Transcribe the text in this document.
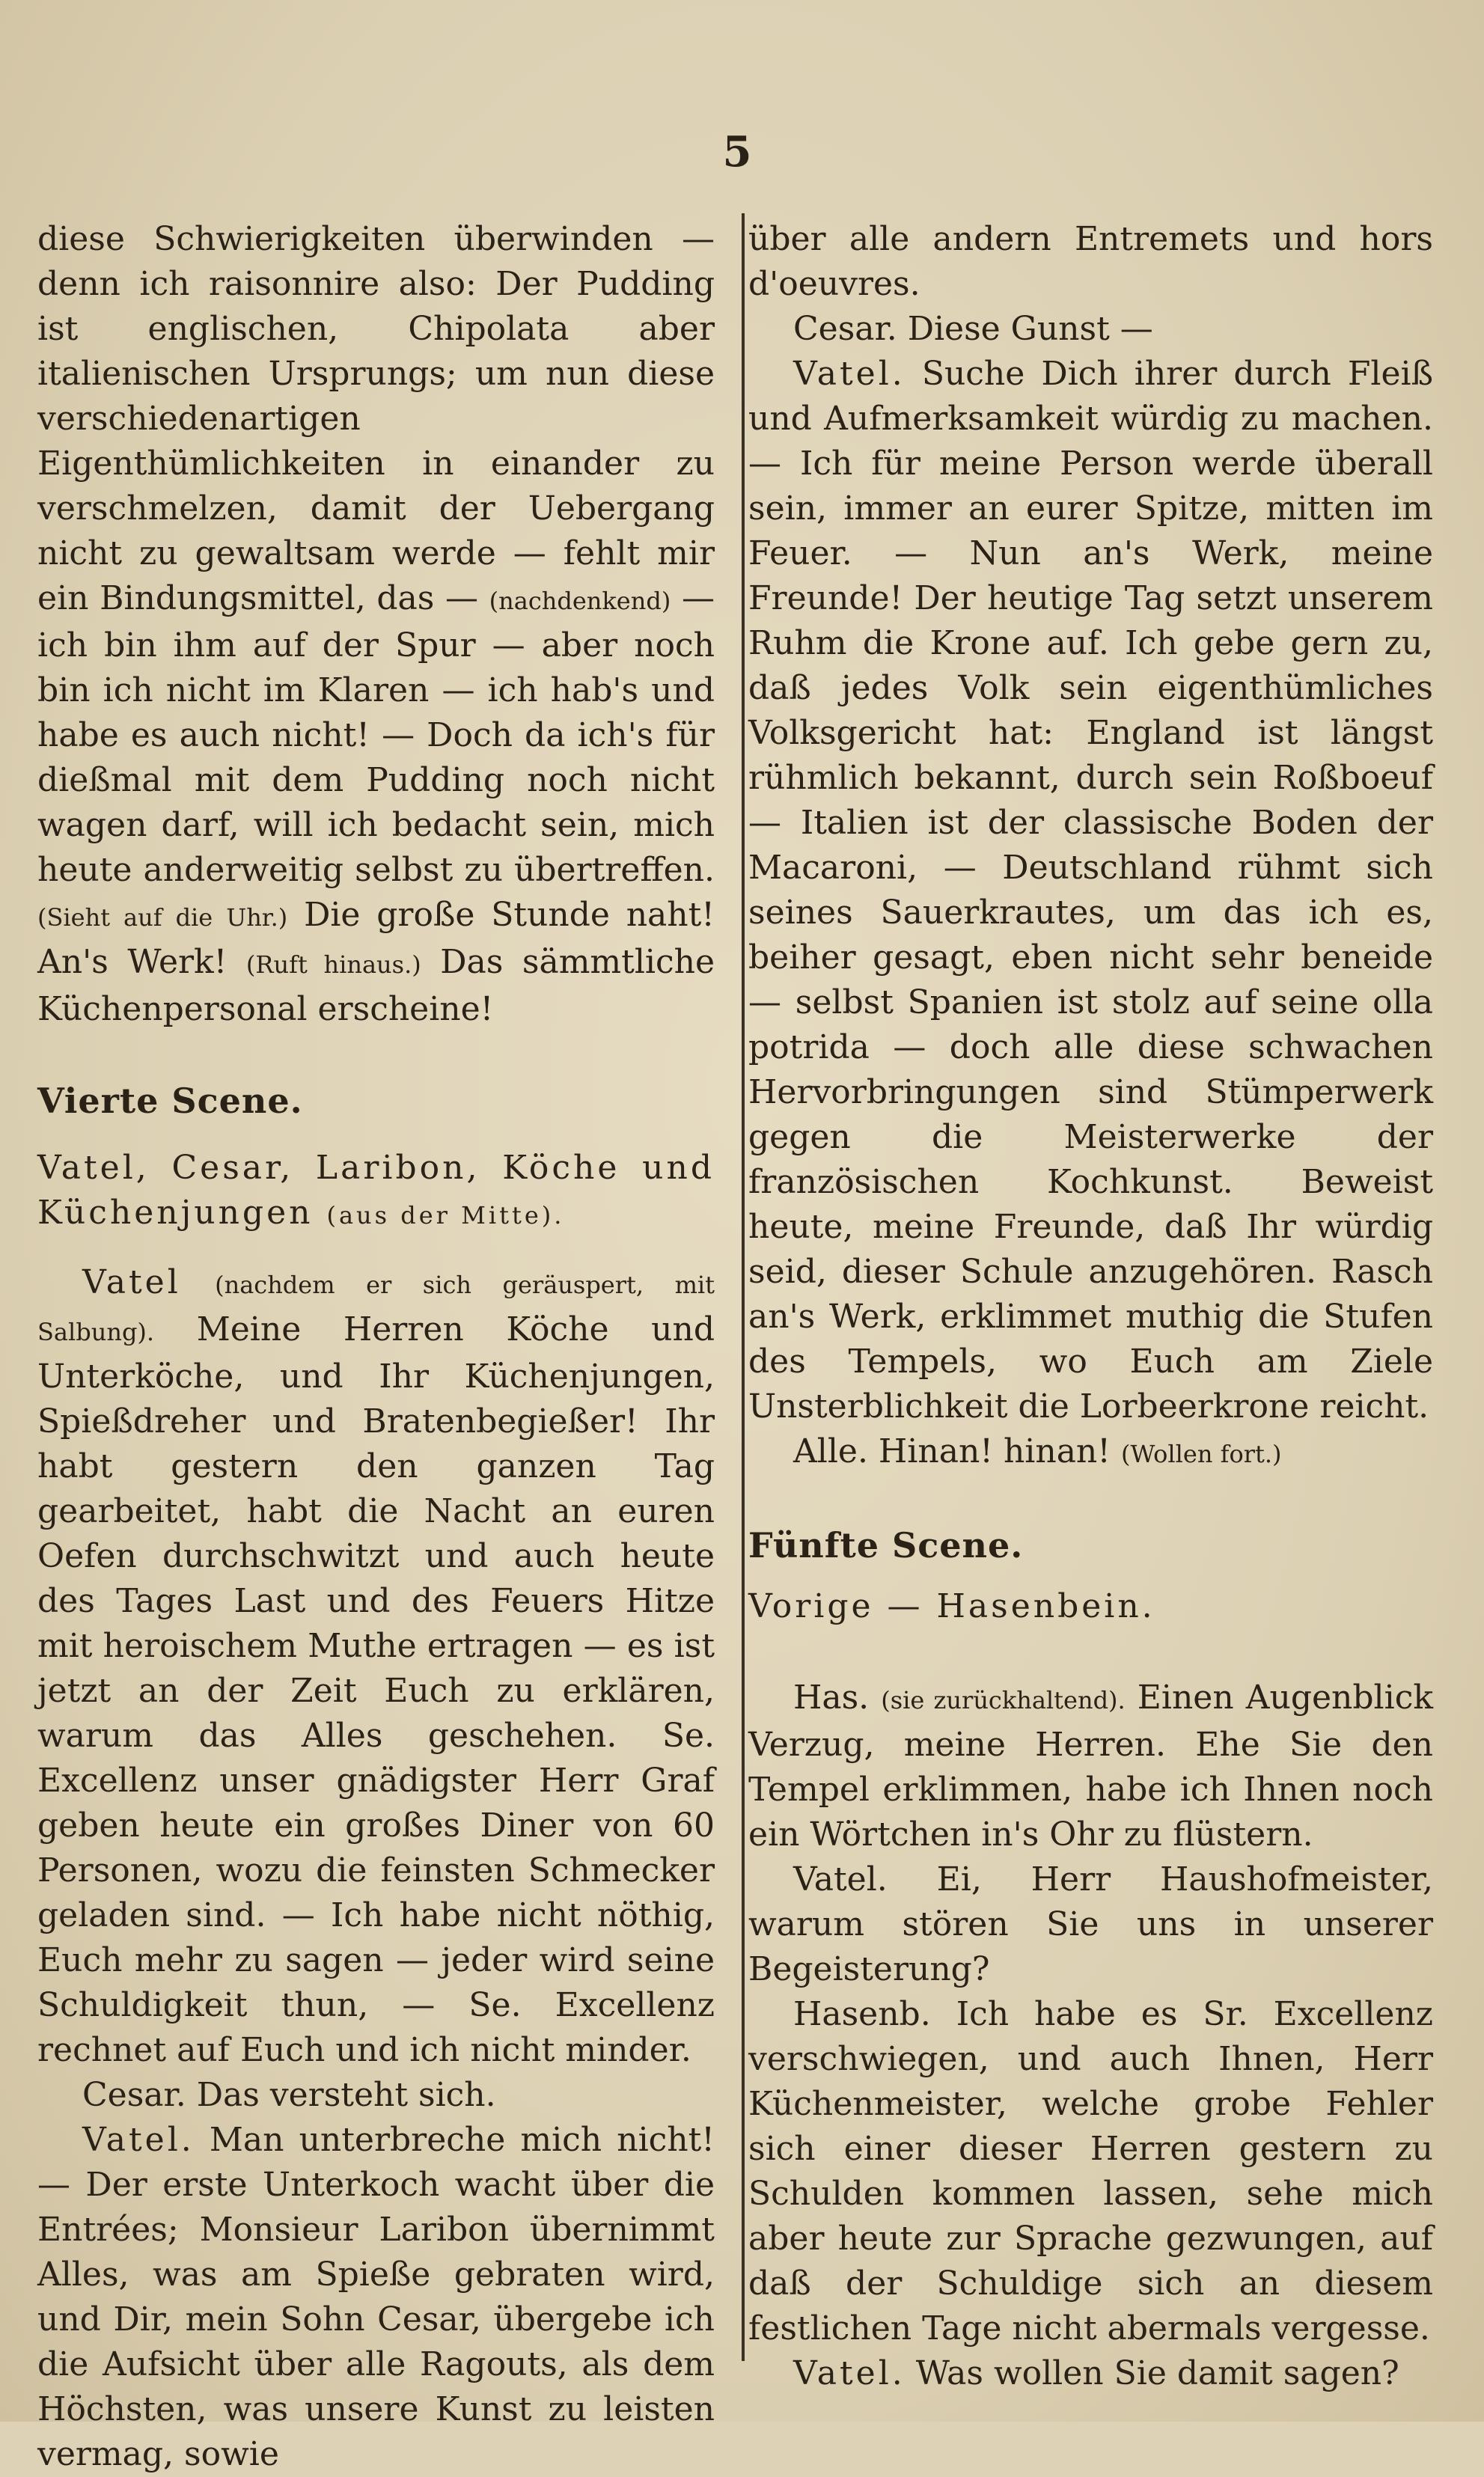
5

diese Schwierigkeiten überwinden — denn ich raisonnire also: Der Pudding ist englischen, Chipolata aber italienischen Ursprungs; um nun diese verschiedenartigen Eigenthümlichkeiten in einander zu verschmelzen, damit der Uebergang nicht zu gewaltsam werde — fehlt mir ein Bindungsmittel, das — (nachdenkend) — ich bin ihm auf der Spur — aber noch bin ich nicht im Klaren — ich hab's und habe es auch nicht! — Doch da ich's für dießmal mit dem Pudding noch nicht wagen darf, will ich bedacht sein, mich heute anderweitig selbst zu übertreffen. (Sieht auf die Uhr.) Die große Stunde naht! An's Werk! (Ruft hinaus.) Das sämmtliche Küchenpersonal erscheine!

Vierte Scene.

Vatel, Cesar, Laribon, Köche und Küchenjungen (aus der Mitte).

Vatel (nachdem er sich geräuspert, mit Salbung). Meine Herren Köche und Unterköche, und Ihr Küchenjungen, Spießdreher und Bratenbegießer! Ihr habt gestern den ganzen Tag gearbeitet, habt die Nacht an euren Oefen durchschwitzt und auch heute des Tages Last und des Feuers Hitze mit heroischem Muthe ertragen — es ist jetzt an der Zeit Euch zu erklären, warum das Alles geschehen. Se. Excellenz unser gnädigster Herr Graf geben heute ein großes Diner von 60 Personen, wozu die feinsten Schmecker geladen sind. — Ich habe nicht nöthig, Euch mehr zu sagen — jeder wird seine Schuldigkeit thun, — Se. Excellenz rechnet auf Euch und ich nicht minder.

Cesar. Das versteht sich.

Vatel. Man unterbreche mich nicht! — Der erste Unterkoch wacht über die Entrées; Monsieur Laribon übernimmt Alles, was am Spieße gebraten wird, und Dir, mein Sohn Cesar, übergebe ich die Aufsicht über alle Ragouts, als dem Höchsten, was unsere Kunst zu leisten vermag, sowie

über alle andern Entremets und hors d'oeuvres.

Cesar. Diese Gunst —

Vatel. Suche Dich ihrer durch Fleiß und Aufmerksamkeit würdig zu machen. — Ich für meine Person werde überall sein, immer an eurer Spitze, mitten im Feuer. — Nun an's Werk, meine Freunde! Der heutige Tag setzt unserem Ruhm die Krone auf. Ich gebe gern zu, daß jedes Volk sein eigenthümliches Volksgericht hat: England ist längst rühmlich bekannt, durch sein Roßboeuf — Italien ist der classische Boden der Macaroni, — Deutschland rühmt sich seines Sauerkrautes, um das ich es, beiher gesagt, eben nicht sehr beneide — selbst Spanien ist stolz auf seine olla potrida — doch alle diese schwachen Hervorbringungen sind Stümperwerk gegen die Meisterwerke der französischen Kochkunst. Beweist heute, meine Freunde, daß Ihr würdig seid, dieser Schule anzugehören. Rasch an's Werk, erklimmet muthig die Stufen des Tempels, wo Euch am Ziele Unsterblichkeit die Lorbeerkrone reicht.

Alle. Hinan! hinan! (Wollen fort.)

Fünfte Scene.

Vorige — Hasenbein.

Has. (sie zurückhaltend). Einen Augenblick Verzug, meine Herren. Ehe Sie den Tempel erklimmen, habe ich Ihnen noch ein Wörtchen in's Ohr zu flüstern.

Vatel. Ei, Herr Haushofmeister, warum stören Sie uns in unserer Begeisterung?

Hasenb. Ich habe es Sr. Excellenz verschwiegen, und auch Ihnen, Herr Küchenmeister, welche grobe Fehler sich einer dieser Herren gestern zu Schulden kommen lassen, sehe mich aber heute zur Sprache gezwungen, auf daß der Schuldige sich an diesem festlichen Tage nicht abermals vergesse.

Vatel. Was wollen Sie damit sagen?
